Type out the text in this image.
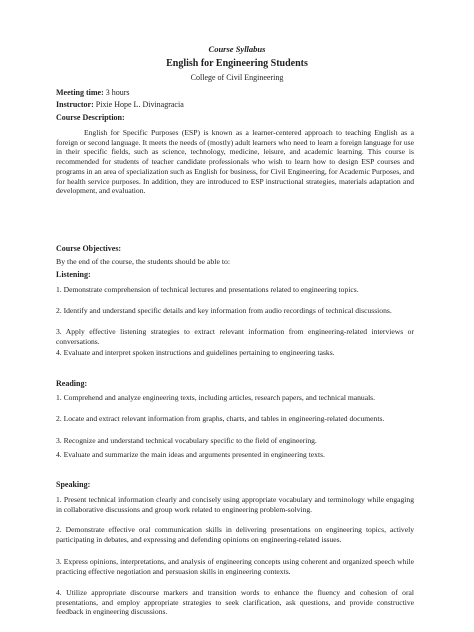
Course Syllabus
English for Engineering Students
College of Civil Engineering
Meeting time: 3 hours
Instructor: Pixie Hope L. Divinagracia
Course Description:
English for Specific Purposes (ESP) is known as a learner-centered approach to teaching English as a foreign or second language. It meets the needs of (mostly) adult learners who need to learn a foreign language for use in their specific fields, such as science, technology, medicine, leisure, and academic learning. This course is recommended for students of teacher candidate professionals who wish to learn how to design ESP courses and programs in an area of specialization such as English for business, for Civil Engineering, for Academic Purposes, and for health service purposes. In addition, they are introduced to ESP instructional strategies, materials adaptation and development, and evaluation.
Course Objectives:
By the end of the course, the students should be able to:
Listening:
1. Demonstrate comprehension of technical lectures and presentations related to engineering topics.
2. Identify and understand specific details and key information from audio recordings of technical discussions.
3. Apply effective listening strategies to extract relevant information from engineering-related interviews or conversations.
4. Evaluate and interpret spoken instructions and guidelines pertaining to engineering tasks.
Reading:
1. Comprehend and analyze engineering texts, including articles, research papers, and technical manuals.
2. Locate and extract relevant information from graphs, charts, and tables in engineering-related documents.
3. Recognize and understand technical vocabulary specific to the field of engineering.
4. Evaluate and summarize the main ideas and arguments presented in engineering texts.
Speaking:
1. Present technical information clearly and concisely using appropriate vocabulary and terminology while engaging in collaborative discussions and group work related to engineering problem-solving.
2. Demonstrate effective oral communication skills in delivering presentations on engineering topics, actively participating in debates, and expressing and defending opinions on engineering-related issues.
3. Express opinions, interpretations, and analysis of engineering concepts using coherent and organized speech while practicing effective negotiation and persuasion skills in engineering contexts.
4. Utilize appropriate discourse markers and transition words to enhance the fluency and cohesion of oral presentations, and employ appropriate strategies to seek clarification, ask questions, and provide constructive feedback in engineering discussions.
